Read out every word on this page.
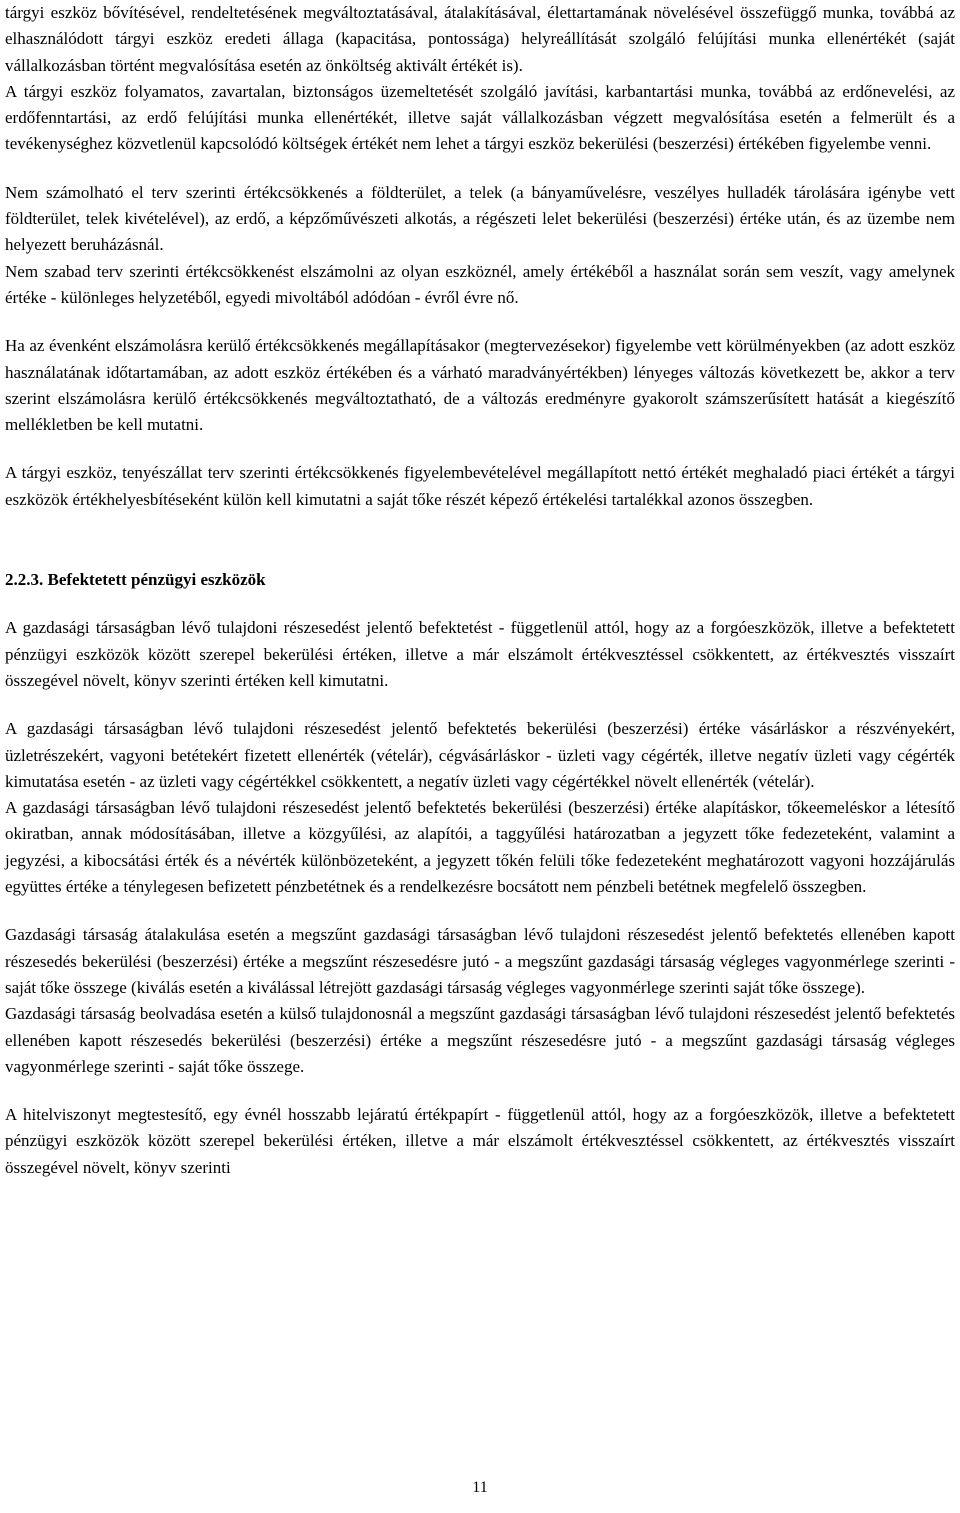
tárgyi eszköz bővítésével, rendeltetésének megváltoztatásával, átalakításával, élettartamának növelésével összefüggő munka, továbbá az elhasználódott tárgyi eszköz eredeti állaga (kapacitása, pontossága) helyreállítását szolgáló felújítási munka ellenértékét (saját vállalkozásban történt megvalósítása esetén az önköltség aktivált értékét is).

A tárgyi eszköz folyamatos, zavartalan, biztonságos üzemeltetését szolgáló javítási, karbantartási munka, továbbá az erdőnevelési, az erdőfenntartási, az erdő felújítási munka ellenértékét, illetve saját vállalkozásban végzett megvalósítása esetén a felmerült és a tevékenységhez közvetlenül kapcsolódó költségek értékét nem lehet a tárgyi eszköz bekerülési (beszerzési) értékében figyelembe venni.

Nem számolható el terv szerinti értékcsökkenés a földterület, a telek (a bányaművelésre, veszélyes hulladék tárolására igénybe vett földterület, telek kivételével), az erdő, a képzőművészeti alkotás, a régészeti lelet bekerülési (beszerzési) értéke után, és az üzembe nem helyezett beruházásnál.

Nem szabad terv szerinti értékcsökkenést elszámolni az olyan eszköznél, amely értékéből a használat során sem veszít, vagy amelynek értéke - különleges helyzetéből, egyedi mivoltából adódóan - évről évre nő.

Ha az évenként elszámolásra kerülő értékcsökkenés megállapításakor (megtervezésekor) figyelembe vett körülményekben (az adott eszköz használatának időtartamában, az adott eszköz értékében és a várható maradványértékben) lényeges változás következett be, akkor a terv szerint elszámolásra kerülő értékcsökkenés megváltoztatható, de a változás eredményre gyakorolt számszerűsített hatását a kiegészítő mellékletben be kell mutatni.

A tárgyi eszköz, tenyészállat terv szerinti értékcsökkenés figyelembevételével megállapított nettó értékét meghaladó piaci értékét a tárgyi eszközök értékhelyesbítéseként külön kell kimutatni a saját tőke részét képező értékelési tartalékkal azonos összegben.

2.2.3. Befektetett pénzügyi eszközök

A gazdasági társaságban lévő tulajdoni részesedést jelentő befektetést - függetlenül attól, hogy az a forgóeszközök, illetve a befektetett pénzügyi eszközök között szerepel bekerülési értéken, illetve a már elszámolt értékvesztéssel csökkentett, az értékvesztés visszaírt összegével növelt, könyv szerinti értéken kell kimutatni.

A gazdasági társaságban lévő tulajdoni részesedést jelentő befektetés bekerülési (beszerzési) értéke vásárláskor a részvényekért, üzletrészekért, vagyoni betétekért fizetett ellenérték (vételár), cégvásárláskor - üzleti vagy cégérték, illetve negatív üzleti vagy cégérték kimutatása esetén - az üzleti vagy cégértékkel csökkentett, a negatív üzleti vagy cégértékkel növelt ellenérték (vételár).

A gazdasági társaságban lévő tulajdoni részesedést jelentő befektetés bekerülési (beszerzési) értéke alapításkor, tőkeemeléskor a létesítő okiratban, annak módosításában, illetve a közgyűlési, az alapítói, a taggyűlési határozatban a jegyzett tőke fedezeteként, valamint a jegyzési, a kibocsátási érték és a névérték különbözeteként, a jegyzett tőkén felüli tőke fedezeteként meghatározott vagyoni hozzájárulás együttes értéke a ténylegesen befizetett pénzbetétnek és a rendelkezésre bocsátott nem pénzbeli betétnek megfelelő összegben.

Gazdasági társaság átalakulása esetén a megszűnt gazdasági társaságban lévő tulajdoni részesedést jelentő befektetés ellenében kapott részesedés bekerülési (beszerzési) értéke a megszűnt részesedésre jutó - a megszűnt gazdasági társaság végleges vagyonmérlege szerinti - saját tőke összege (kiválás esetén a kiválással létrejött gazdasági társaság végleges vagyonmérlege szerinti saját tőke összege).

Gazdasági társaság beolvadása esetén a külső tulajdonosnál a megszűnt gazdasági társaságban lévő tulajdoni részesedést jelentő befektetés ellenében kapott részesedés bekerülési (beszerzési) értéke a megszűnt részesedésre jutó - a megszűnt gazdasági társaság végleges vagyonmérlege szerinti - saját tőke összege.

A hitelviszonyt megtestesítő, egy évnél hosszabb lejáratú értékpapírt - függetlenül attól, hogy az a forgóeszközök, illetve a befektetett pénzügyi eszközök között szerepel bekerülési értéken, illetve a már elszámolt értékvesztéssel csökkentett, az értékvesztés visszaírt összegével növelt, könyv szerinti

11
